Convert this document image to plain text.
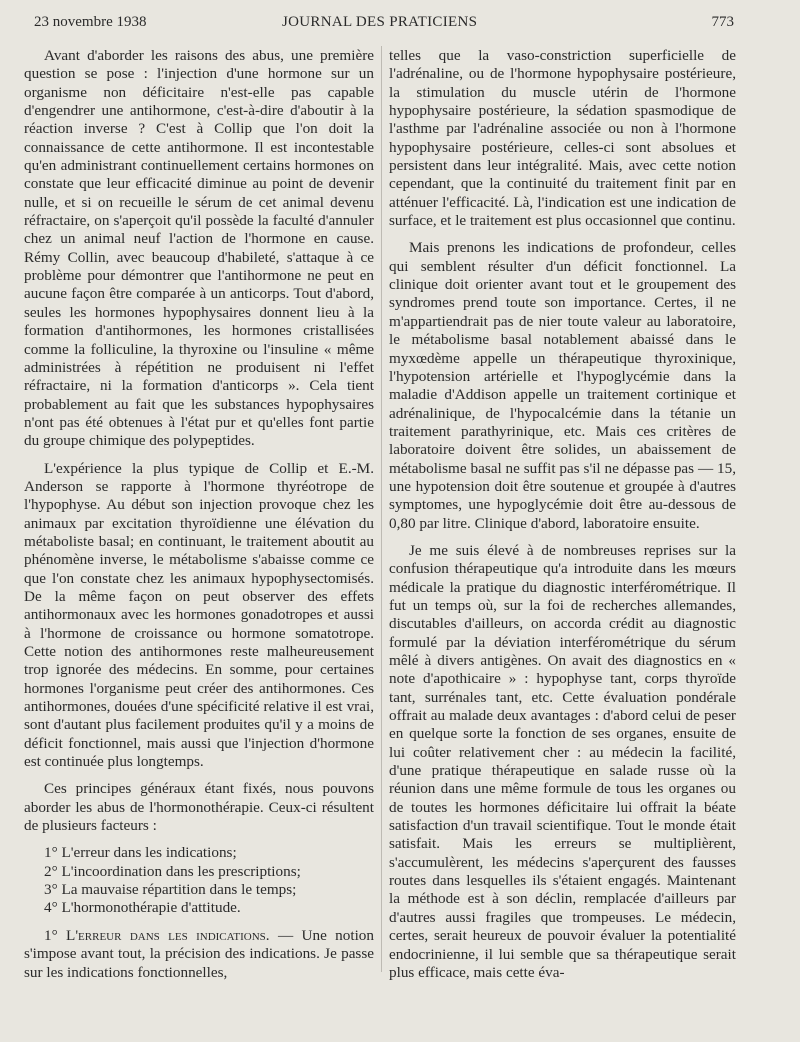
23 novembre 1938	JOURNAL DES PRATICIENS	773

Avant d'aborder les raisons des abus, une première question se pose : l'injection d'une hormone sur un organisme non déficitaire n'est-elle pas capable d'engendrer une antihormone, c'est-à-dire d'aboutir à la réaction inverse ? C'est à Collip que l'on doit la connaissance de cette antihormone. Il est incontestable qu'en administrant continuellement certains hormones on constate que leur efficacité diminue au point de devenir nulle, et si on recueille le sérum de cet animal devenu réfractaire, on s'aperçoit qu'il possède la faculté d'annuler chez un animal neuf l'action de l'hormone en cause. Rémy Collin, avec beaucoup d'habileté, s'attaque à ce problème pour démontrer que l'antihormone ne peut en aucune façon être comparée à un anticorps. Tout d'abord, seules les hormones hypophysaires donnent lieu à la formation d'antihormones, les hormones cristallisées comme la folliculine, la thyroxine ou l'insuline « même administrées à répétition ne produisent ni l'effet réfractaire, ni la formation d'anticorps ». Cela tient probablement au fait que les substances hypophysaires n'ont pas été obtenues à l'état pur et qu'elles font partie du groupe chimique des polypeptides.

L'expérience la plus typique de Collip et E.-M. Anderson se rapporte à l'hormone thyréotrope de l'hypophyse. Au début son injection provoque chez les animaux par excitation thyroïdienne une élévation du métaboliste basal; en continuant, le traitement aboutit au phénomène inverse, le métabolisme s'abaisse comme ce que l'on constate chez les animaux hypophysectomisés. De la même façon on peut observer des effets antihormonaux avec les hormones gonadotropes et aussi à l'hormone de croissance ou hormone somatotrope. Cette notion des antihormones reste malheureusement trop ignorée des médecins. En somme, pour certaines hormones l'organisme peut créer des antihormones. Ces antihormones, douées d'une spécificité relative il est vrai, sont d'autant plus facilement produites qu'il y a moins de déficit fonctionnel, mais aussi que l'injection d'hormone est continuée plus longtemps.

Ces principes généraux étant fixés, nous pouvons aborder les abus de l'hormonothérapie. Ceux-ci résultent de plusieurs facteurs :

1° L'erreur dans les indications;
2° L'incoordination dans les prescriptions;
3° La mauvaise répartition dans le temps;
4° L'hormonothérapie d'attitude.

1° L'erreur dans les indications. — Une notion s'impose avant tout, la précision des indications. Je passe sur les indications fonctionnelles,

telles que la vaso-constriction superficielle de l'adrénaline, ou de l'hormone hypophysaire postérieure, la stimulation du muscle utérin de l'hormone hypophysaire postérieure, la sédation spasmodique de l'asthme par l'adrénaline associée ou non à l'hormone hypophysaire postérieure, celles-ci sont absolues et persistent dans leur intégralité. Mais, avec cette notion cependant, que la continuité du traitement finit par en atténuer l'efficacité. Là, l'indication est une indication de surface, et le traitement est plus occasionnel que continu.

Mais prenons les indications de profondeur, celles qui semblent résulter d'un déficit fonctionnel. La clinique doit orienter avant tout et le groupement des syndromes prend toute son importance. Certes, il ne m'appartiendrait pas de nier toute valeur au laboratoire, le métabolisme basal notablement abaissé dans le myxœdème appelle un thérapeutique thyroxinique, l'hypotension artérielle et l'hypoglycémie dans la maladie d'Addison appelle un traitement cortinique et adrénalinique, de l'hypocalcémie dans la tétanie un traitement parathyrinique, etc. Mais ces critères de laboratoire doivent être solides, un abaissement de métabolisme basal ne suffit pas s'il ne dépasse pas — 15, une hypotension doit être soutenue et groupée à d'autres symptomes, une hypoglycémie doit être au-dessous de 0,80 par litre. Clinique d'abord, laboratoire ensuite.

Je me suis élevé à de nombreuses reprises sur la confusion thérapeutique qu'a introduite dans les mœurs médicale la pratique du diagnostic interférométrique. Il fut un temps où, sur la foi de recherches allemandes, discutables d'ailleurs, on accorda crédit au diagnostic formulé par la déviation interférométrique du sérum mêlé à divers antigènes. On avait des diagnostics en « note d'apothicaire » : hypophyse tant, corps thyroïde tant, surrénales tant, etc. Cette évaluation pondérale offrait au malade deux avantages : d'abord celui de peser en quelque sorte la fonction de ses organes, ensuite de lui coûter relativement cher : au médecin la facilité, d'une pratique thérapeutique en salade russe où la réunion dans une même formule de tous les organes ou de toutes les hormones déficitaire lui offrait la béate satisfaction d'un travail scientifique. Tout le monde était satisfait. Mais les erreurs se multiplièrent, s'accumulèrent, les médecins s'aperçurent des fausses routes dans lesquelles ils s'étaient engagés. Maintenant la méthode est à son déclin, remplacée d'ailleurs par d'autres aussi fragiles que trompeuses. Le médecin, certes, serait heureux de pouvoir évaluer la potentialité endocrinienne, il lui semble que sa thérapeutique serait plus efficace, mais cette éva-
